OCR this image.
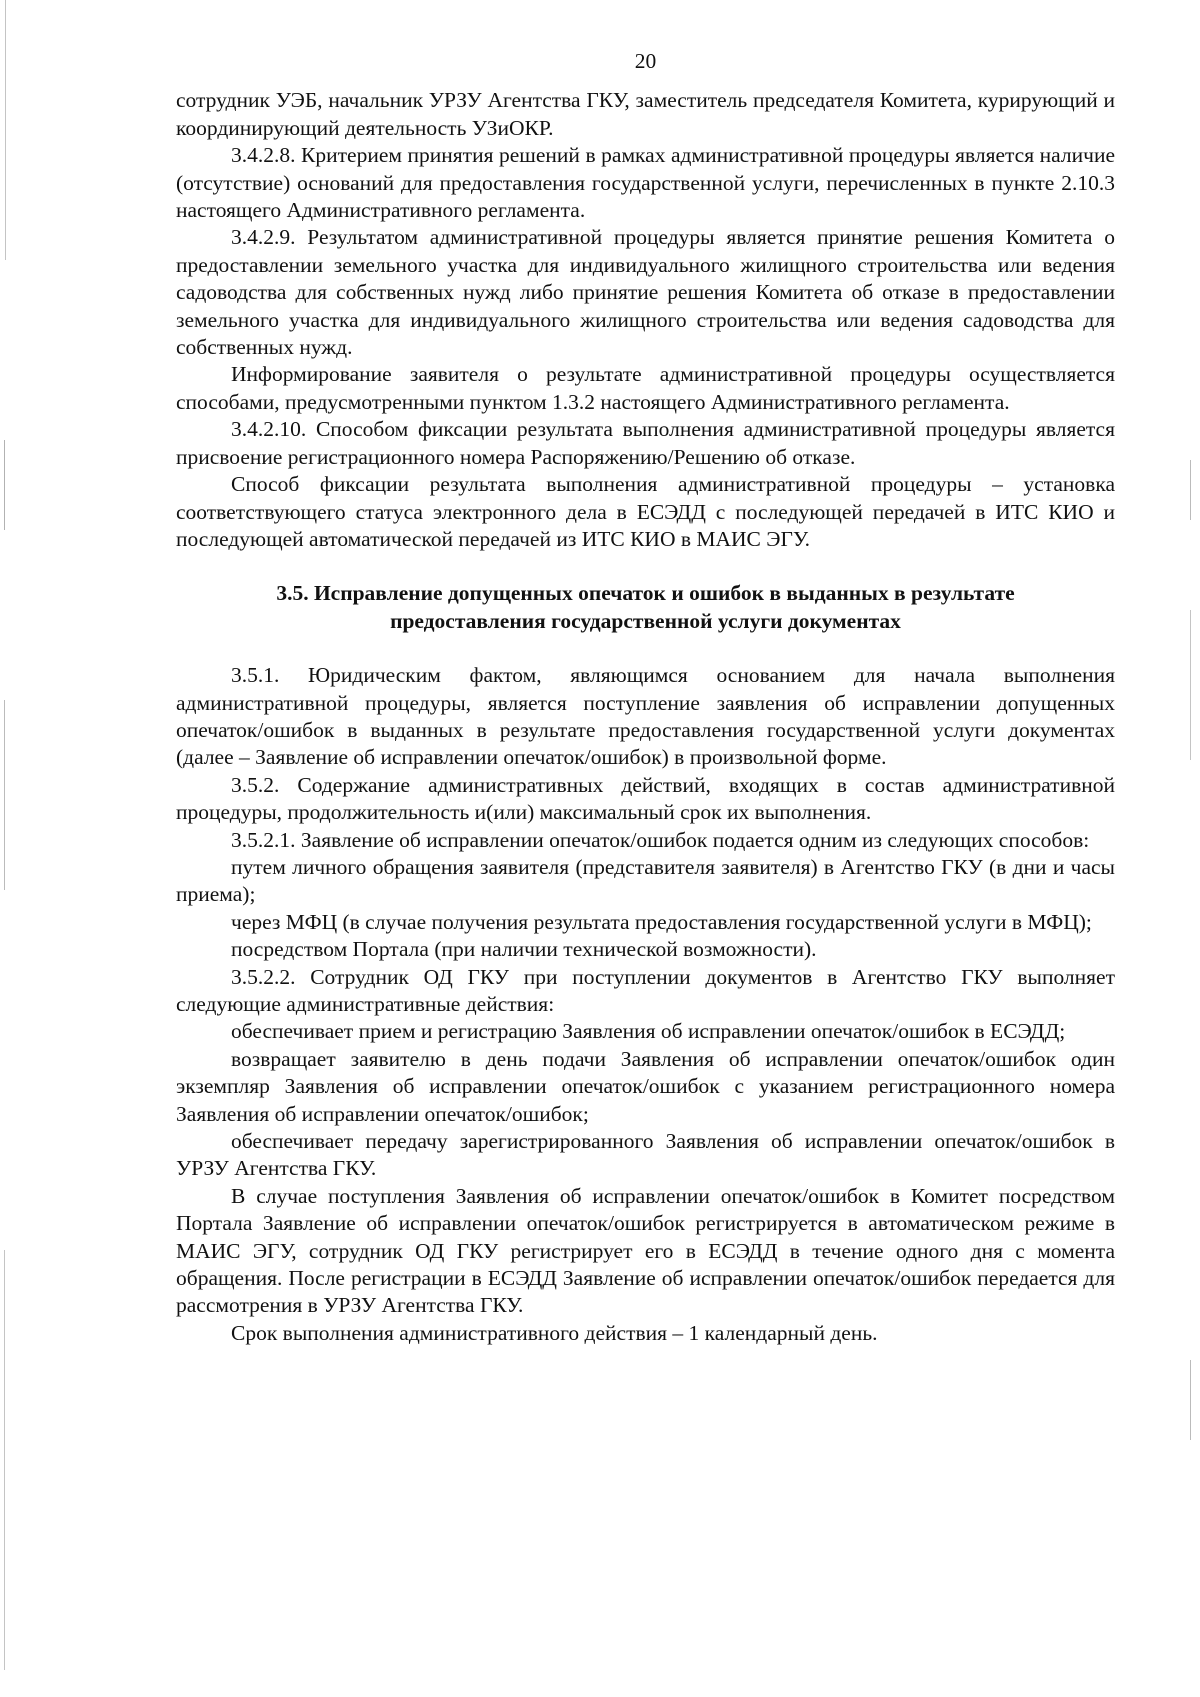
20

сотрудник УЭБ, начальник УРЗУ Агентства ГКУ, заместитель председателя Комитета, курирующий и координирующий деятельность УЗиОКР.

3.4.2.8. Критерием принятия решений в рамках административной процедуры является наличие (отсутствие) оснований для предоставления государственной услуги, перечисленных в пункте 2.10.3 настоящего Административного регламента.

3.4.2.9. Результатом административной процедуры является принятие решения Комитета о предоставлении земельного участка для индивидуального жилищного строительства или ведения садоводства для собственных нужд либо принятие решения Комитета об отказе в предоставлении земельного участка для индивидуального жилищного строительства или ведения садоводства для собственных нужд.

Информирование заявителя о результате административной процедуры осуществляется способами, предусмотренными пунктом 1.3.2 настоящего Административного регламента.

3.4.2.10. Способом фиксации результата выполнения административной процедуры является присвоение регистрационного номера Распоряжению/Решению об отказе.

Способ фиксации результата выполнения административной процедуры – установка соответствующего статуса электронного дела в ЕСЭДД с последующей передачей в ИТС КИО и последующей автоматической передачей из ИТС КИО в МАИС ЭГУ.

3.5. Исправление допущенных опечаток и ошибок в выданных в результате
предоставления государственной услуги документах

3.5.1. Юридическим фактом, являющимся основанием для начала выполнения административной процедуры, является поступление заявления об исправлении допущенных опечаток/ошибок в выданных в результате предоставления государственной услуги документах (далее – Заявление об исправлении опечаток/ошибок) в произвольной форме.

3.5.2. Содержание административных действий, входящих в состав административной процедуры, продолжительность и(или) максимальный срок их выполнения.

3.5.2.1. Заявление об исправлении опечаток/ошибок подается одним из следующих способов:

путем личного обращения заявителя (представителя заявителя) в Агентство ГКУ (в дни и часы приема);

через МФЦ (в случае получения результата предоставления государственной услуги в МФЦ);

посредством Портала (при наличии технической возможности).

3.5.2.2. Сотрудник ОД ГКУ при поступлении документов в Агентство ГКУ выполняет следующие административные действия:

обеспечивает прием и регистрацию Заявления об исправлении опечаток/ошибок в ЕСЭДД;

возвращает заявителю в день подачи Заявления об исправлении опечаток/ошибок один экземпляр Заявления об исправлении опечаток/ошибок с указанием регистрационного номера Заявления об исправлении опечаток/ошибок;

обеспечивает передачу зарегистрированного Заявления об исправлении опечаток/ошибок в УРЗУ Агентства ГКУ.

В случае поступления Заявления об исправлении опечаток/ошибок в Комитет посредством Портала Заявление об исправлении опечаток/ошибок регистрируется в автоматическом режиме в МАИС ЭГУ, сотрудник ОД ГКУ регистрирует его в ЕСЭДД в течение одного дня с момента обращения. После регистрации в ЕСЭДД Заявление об исправлении опечаток/ошибок передается для рассмотрения в УРЗУ Агентства ГКУ.

Срок выполнения административного действия – 1 календарный день.
